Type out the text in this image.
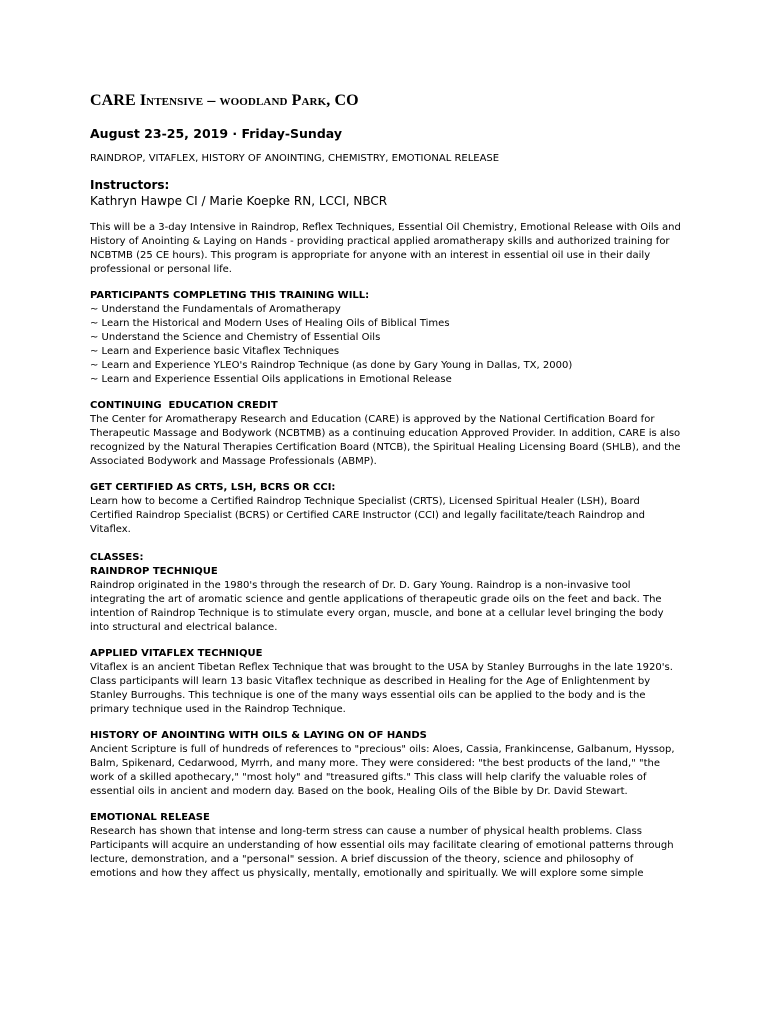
CARE Intensive – woodland Park, CO
August 23-25, 2019 · Friday-Sunday
RAINDROP, VITAFLEX, HISTORY OF ANOINTING, CHEMISTRY, EMOTIONAL RELEASE
Instructors:
Kathryn Hawpe CI / Marie Koepke RN, LCCI, NBCR

This will be a 3-day Intensive in Raindrop, Reflex Techniques, Essential Oil Chemistry, Emotional Release with Oils and History of Anointing & Laying on Hands - providing practical applied aromatherapy skills and authorized training for NCBTMB (25 CE hours). This program is appropriate for anyone with an interest in essential oil use in their daily professional or personal life.

PARTICIPANTS COMPLETING THIS TRAINING WILL:
~ Understand the Fundamentals of Aromatherapy
~ Learn the Historical and Modern Uses of Healing Oils of Biblical Times
~ Understand the Science and Chemistry of Essential Oils
~ Learn and Experience basic Vitaflex Techniques
~ Learn and Experience YLEO's Raindrop Technique (as done by Gary Young in Dallas, TX, 2000)
~ Learn and Experience Essential Oils applications in Emotional Release
CONTINUING  EDUCATION CREDIT

The Center for Aromatherapy Research and Education (CARE) is approved by the National Certification Board for Therapeutic Massage and Bodywork (NCBTMB) as a continuing education Approved Provider. In addition, CARE is also recognized by the Natural Therapies Certification Board (NTCB), the Spiritual Healing Licensing Board (SHLB), and the Associated Bodywork and Massage Professionals (ABMP).

GET CERTIFIED AS CRTS, LSH, BCRS OR CCI:

Learn how to become a Certified Raindrop Technique Specialist (CRTS), Licensed Spiritual Healer (LSH), Board Certified Raindrop Specialist (BCRS) or Certified CARE Instructor (CCI) and legally facilitate/teach Raindrop and Vitaflex.

CLASSES:
RAINDROP TECHNIQUE

Raindrop originated in the 1980's through the research of Dr. D. Gary Young. Raindrop is a non-invasive tool integrating the art of aromatic science and gentle applications of therapeutic grade oils on the feet and back. The intention of Raindrop Technique is to stimulate every organ, muscle, and bone at a cellular level bringing the body into structural and electrical balance.

APPLIED VITAFLEX TECHNIQUE

Vitaflex is an ancient Tibetan Reflex Technique that was brought to the USA by Stanley Burroughs in the late 1920's. Class participants will learn 13 basic Vitaflex technique as described in Healing for the Age of Enlightenment by Stanley Burroughs. This technique is one of the many ways essential oils can be applied to the body and is the primary technique used in the Raindrop Technique.

HISTORY OF ANOINTING WITH OILS & LAYING ON OF HANDS

Ancient Scripture is full of hundreds of references to "precious" oils: Aloes, Cassia, Frankincense, Galbanum, Hyssop, Balm, Spikenard, Cedarwood, Myrrh, and many more. They were considered: "the best products of the land," "the work of a skilled apothecary," "most holy" and "treasured gifts." This class will help clarify the valuable roles of essential oils in ancient and modern day. Based on the book, Healing Oils of the Bible by Dr. David Stewart.

EMOTIONAL RELEASE

Research has shown that intense and long-term stress can cause a number of physical health problems. Class Participants will acquire an understanding of how essential oils may facilitate clearing of emotional patterns through lecture, demonstration, and a "personal" session. A brief discussion of the theory, science and philosophy of emotions and how they affect us physically, mentally, emotionally and spiritually. We will explore some simple
